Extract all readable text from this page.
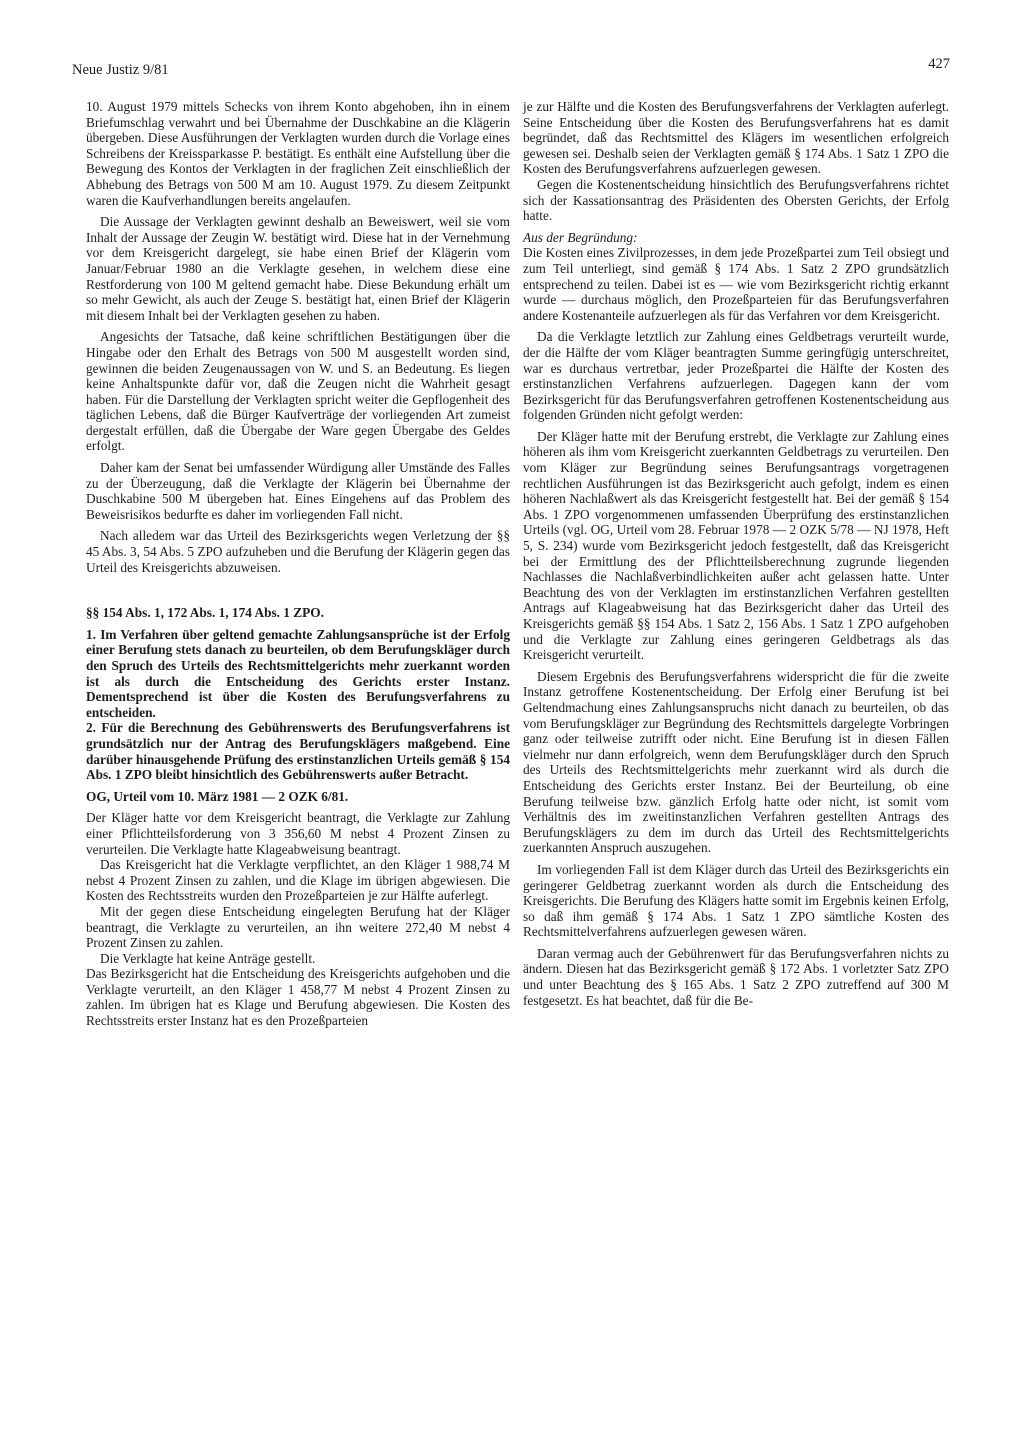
Neue Justiz 9/81	427

10. August 1979 mittels Schecks von ihrem Konto abgehoben, ihn in einem Briefumschlag verwahrt und bei Übernahme der Duschkabine an die Klägerin übergeben. Diese Ausführungen der Verklagten wurden durch die Vorlage eines Schreibens der Kreissparkasse P. bestätigt. Es enthält eine Aufstellung über die Bewegung des Kontos der Verklagten in der fraglichen Zeit einschließlich der Abhebung des Betrags von 500 M am 10. August 1979. Zu diesem Zeitpunkt waren die Kaufverhandlungen bereits angelaufen.

Die Aussage der Verklagten gewinnt deshalb an Beweiswert, weil sie vom Inhalt der Aussage der Zeugin W. bestätigt wird. Diese hat in der Vernehmung vor dem Kreisgericht dargelegt, sie habe einen Brief der Klägerin vom Januar/Februar 1980 an die Verklagte gesehen, in welchem diese eine Restforderung von 100 M geltend gemacht habe. Diese Bekundung erhält um so mehr Gewicht, als auch der Zeuge S. bestätigt hat, einen Brief der Klägerin mit diesem Inhalt bei der Verklagten gesehen zu haben.

Angesichts der Tatsache, daß keine schriftlichen Bestätigungen über die Hingabe oder den Erhalt des Betrags von 500 M ausgestellt worden sind, gewinnen die beiden Zeugenaussagen von W. und S. an Bedeutung. Es liegen keine Anhaltspunkte dafür vor, daß die Zeugen nicht die Wahrheit gesagt haben. Für die Darstellung der Verklagten spricht weiter die Gepflogenheit des täglichen Lebens, daß die Bürger Kaufverträge der vorliegenden Art zumeist dergestalt erfüllen, daß die Übergabe der Ware gegen Übergabe des Geldes erfolgt.

Daher kam der Senat bei umfassender Würdigung aller Umstände des Falles zu der Überzeugung, daß die Verklagte der Klägerin bei Übernahme der Duschkabine 500 M übergeben hat. Eines Eingehens auf das Problem des Beweisrisikos bedurfte es daher im vorliegenden Fall nicht.

Nach alledem war das Urteil des Bezirksgerichts wegen Verletzung der §§ 45 Abs. 3, 54 Abs. 5 ZPO aufzuheben und die Berufung der Klägerin gegen das Urteil des Kreisgerichts abzuweisen.

§§ 154 Abs. 1, 172 Abs. 1, 174 Abs. 1 ZPO.

1. Im Verfahren über geltend gemachte Zahlungsansprüche ist der Erfolg einer Berufung stets danach zu beurteilen, ob dem Berufungskläger durch den Spruch des Urteils des Rechtsmittelgerichts mehr zuerkannt worden ist als durch die Entscheidung des Gerichts erster Instanz. Dementsprechend ist über die Kosten des Berufungsverfahrens zu entscheiden.

2. Für die Berechnung des Gebührenswerts des Berufungsverfahrens ist grundsätzlich nur der Antrag des Berufungsklägers maßgebend. Eine darüber hinausgehende Prüfung des erstinstanzlichen Urteils gemäß § 154 Abs. 1 ZPO bleibt hinsichtlich des Gebührenswerts außer Betracht.

OG, Urteil vom 10. März 1981 — 2 OZK 6/81.

Der Kläger hatte vor dem Kreisgericht beantragt, die Verklagte zur Zahlung einer Pflichtteilsforderung von 3 356,60 M nebst 4 Prozent Zinsen zu verurteilen. Die Verklagte hatte Klageabweisung beantragt.

Das Kreisgericht hat die Verklagte verpflichtet, an den Kläger 1 988,74 M nebst 4 Prozent Zinsen zu zahlen, und die Klage im übrigen abgewiesen. Die Kosten des Rechtsstreits wurden den Prozeßparteien je zur Hälfte auferlegt.

Mit der gegen diese Entscheidung eingelegten Berufung hat der Kläger beantragt, die Verklagte zu verurteilen, an ihn weitere 272,40 M nebst 4 Prozent Zinsen zu zahlen.

Die Verklagte hat keine Anträge gestellt.

Das Bezirksgericht hat die Entscheidung des Kreisgerichts aufgehoben und die Verklagte verurteilt, an den Kläger 1 458,77 M nebst 4 Prozent Zinsen zu zahlen. Im übrigen hat es Klage und Berufung abgewiesen. Die Kosten des Rechtsstreits erster Instanz hat es den Prozeßparteien

je zur Hälfte und die Kosten des Berufungsverfahrens der Verklagten auferlegt. Seine Entscheidung über die Kosten des Berufungsverfahrens hat es damit begründet, daß das Rechtsmittel des Klägers im wesentlichen erfolgreich gewesen sei. Deshalb seien der Verklagten gemäß § 174 Abs. 1 Satz 1 ZPO die Kosten des Berufungsverfahrens aufzuerlegen gewesen.

Gegen die Kostenentscheidung hinsichtlich des Berufungsverfahrens richtet sich der Kassationsantrag des Präsidenten des Obersten Gerichts, der Erfolg hatte.

Aus der Begründung:

Die Kosten eines Zivilprozesses, in dem jede Prozeßpartei zum Teil obsiegt und zum Teil unterliegt, sind gemäß § 174 Abs. 1 Satz 2 ZPO grundsätzlich entsprechend zu teilen. Dabei ist es — wie vom Bezirksgericht richtig erkannt wurde — durchaus möglich, den Prozeßparteien für das Berufungsverfahren andere Kostenanteile aufzuerlegen als für das Verfahren vor dem Kreisgericht.

Da die Verklagte letztlich zur Zahlung eines Geldbetrags verurteilt wurde, der die Hälfte der vom Kläger beantragten Summe geringfügig unterschreitet, war es durchaus vertretbar, jeder Prozeßpartei die Hälfte der Kosten des erstinstanzlichen Verfahrens aufzuerlegen. Dagegen kann der vom Bezirksgericht für das Berufungsverfahren getroffenen Kostenentscheidung aus folgenden Gründen nicht gefolgt werden:

Der Kläger hatte mit der Berufung erstrebt, die Verklagte zur Zahlung eines höheren als ihm vom Kreisgericht zuerkannten Geldbetrags zu verurteilen. Den vom Kläger zur Begründung seines Berufungsantrags vorgetragenen rechtlichen Ausführungen ist das Bezirksgericht auch gefolgt, indem es einen höheren Nachlaßwert als das Kreisgericht festgestellt hat. Bei der gemäß § 154 Abs. 1 ZPO vorgenommenen umfassenden Überprüfung des erstinstanzlichen Urteils (vgl. OG, Urteil vom 28. Februar 1978 — 2 OZK 5/78 — NJ 1978, Heft 5, S. 234) wurde vom Bezirksgericht jedoch festgestellt, daß das Kreisgericht bei der Ermittlung des der Pflichtteilsberechnung zugrunde liegenden Nachlasses die Nachlaßverbindlichkeiten außer acht gelassen hatte. Unter Beachtung des von der Verklagten im erstinstanzlichen Verfahren gestellten Antrags auf Klageabweisung hat das Bezirksgericht daher das Urteil des Kreisgerichts gemäß §§ 154 Abs. 1 Satz 2, 156 Abs. 1 Satz 1 ZPO aufgehoben und die Verklagte zur Zahlung eines geringeren Geldbetrags als das Kreisgericht verurteilt.

Diesem Ergebnis des Berufungsverfahrens widerspricht die für die zweite Instanz getroffene Kostenentscheidung. Der Erfolg einer Berufung ist bei Geltendmachung eines Zahlungsanspruchs nicht danach zu beurteilen, ob das vom Berufungskläger zur Begründung des Rechtsmittels dargelegte Vorbringen ganz oder teilweise zutrifft oder nicht. Eine Berufung ist in diesen Fällen vielmehr nur dann erfolgreich, wenn dem Berufungskläger durch den Spruch des Urteils des Rechtsmittelgerichts mehr zuerkannt wird als durch die Entscheidung des Gerichts erster Instanz. Bei der Beurteilung, ob eine Berufung teilweise bzw. gänzlich Erfolg hatte oder nicht, ist somit vom Verhältnis des im zweitinstanzlichen Verfahren gestellten Antrags des Berufungsklägers zu dem im durch das Urteil des Rechtsmittelgerichts zuerkannten Anspruch auszugehen.

Im vorliegenden Fall ist dem Kläger durch das Urteil des Bezirksgerichts ein geringerer Geldbetrag zuerkannt worden als durch die Entscheidung des Kreisgerichts. Die Berufung des Klägers hatte somit im Ergebnis keinen Erfolg, so daß ihm gemäß § 174 Abs. 1 Satz 1 ZPO sämtliche Kosten des Rechtsmittelverfahrens aufzuerlegen gewesen wären.

Daran vermag auch der Gebührenwert für das Berufungsverfahren nichts zu ändern. Diesen hat das Bezirksgericht gemäß § 172 Abs. 1 vorletzter Satz ZPO und unter Beachtung des § 165 Abs. 1 Satz 2 ZPO zutreffend auf 300 M festgesetzt. Es hat beachtet, daß für die Be-
